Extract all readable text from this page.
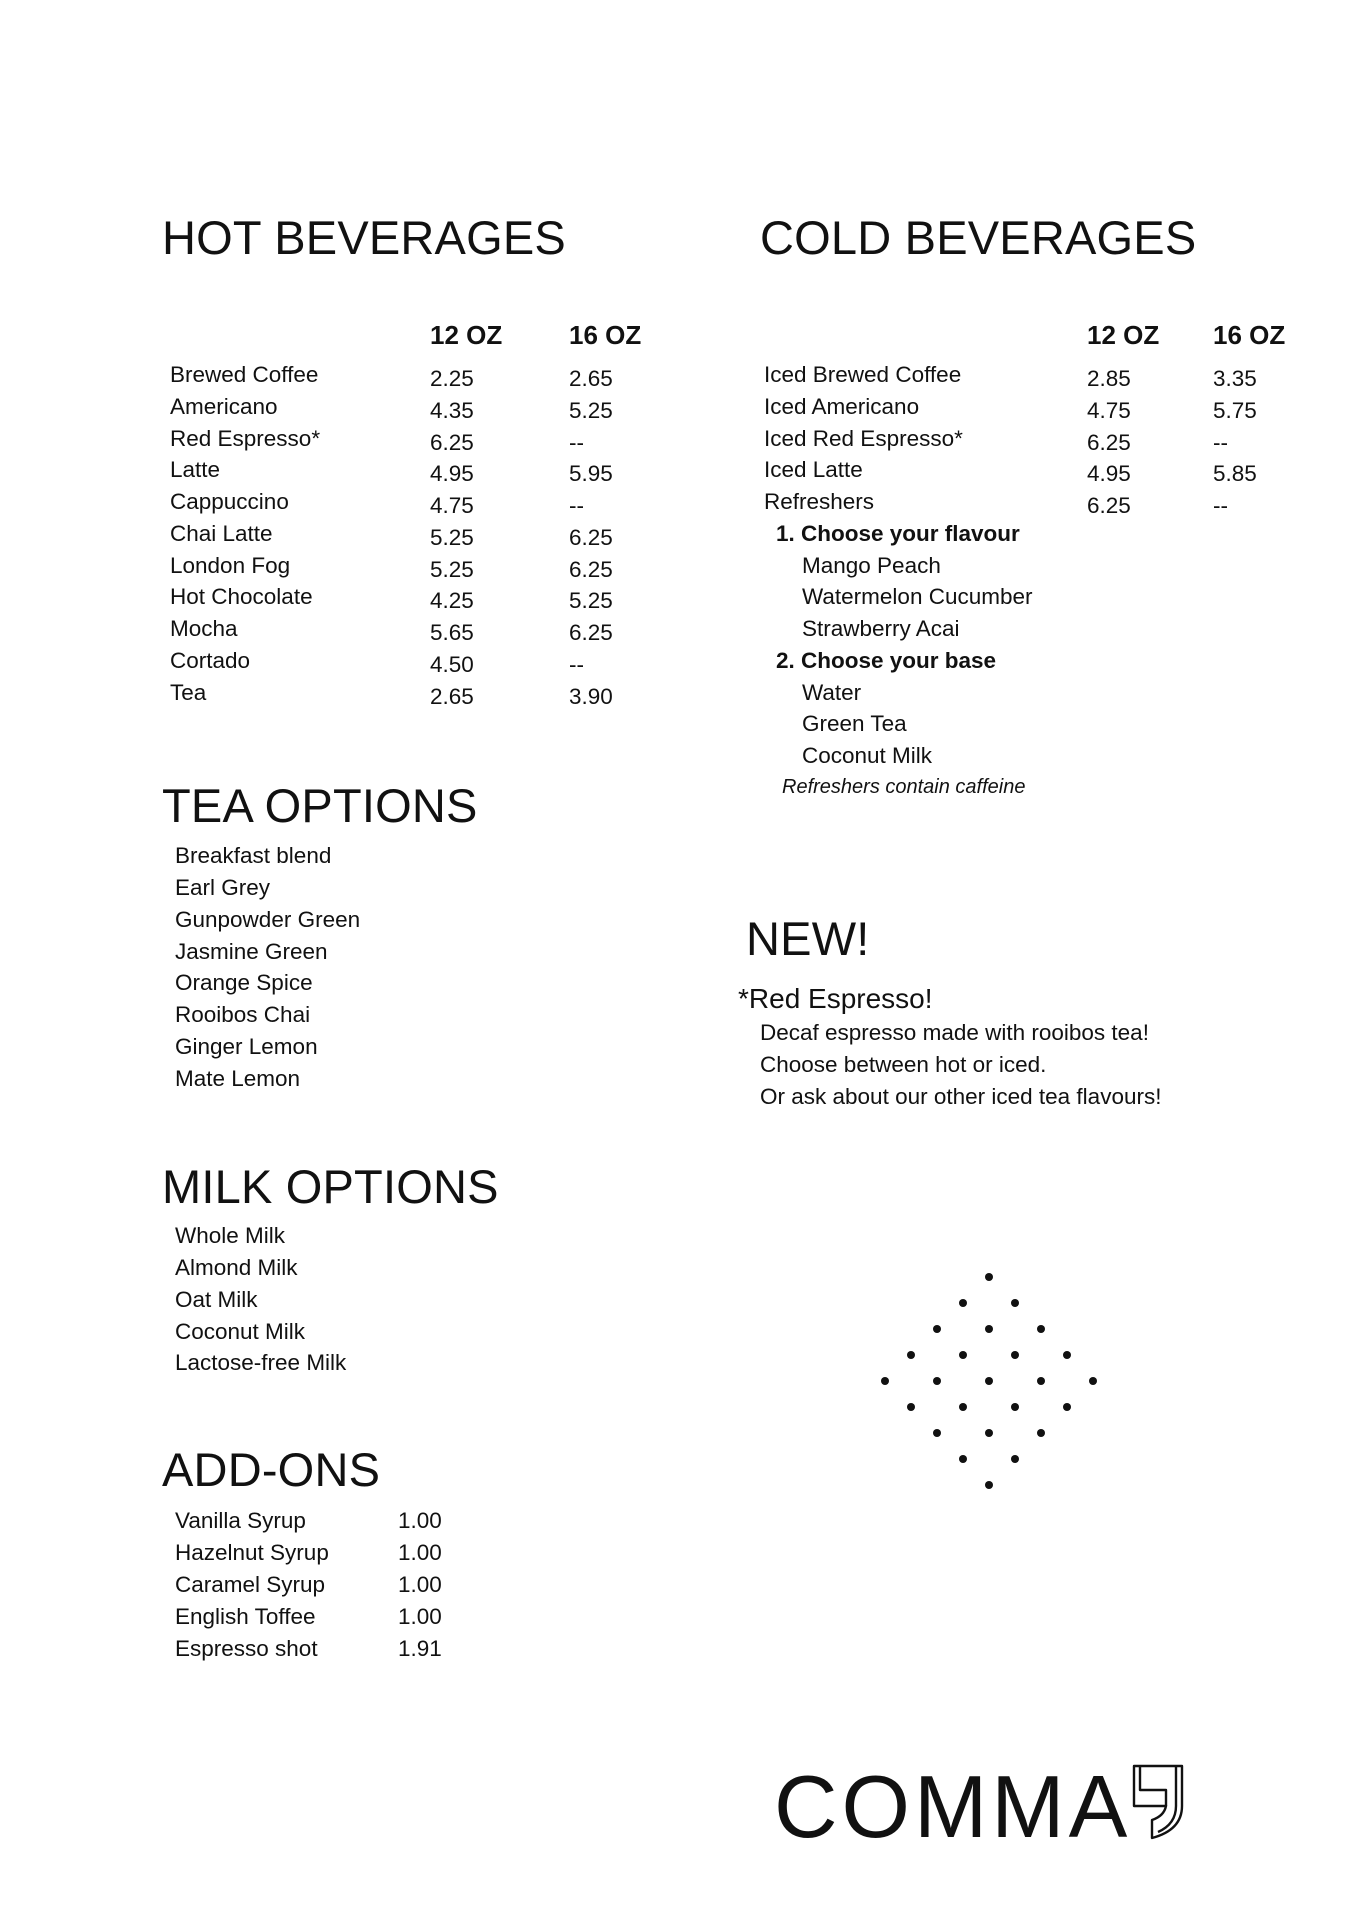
HOT BEVERAGES
12 OZ	16 OZ
Brewed Coffee	2.25	2.65
Americano	4.35	5.25
Red Espresso*	6.25	--
Latte	4.95	5.95
Cappuccino	4.75	--
Chai Latte	5.25	6.25
London Fog	5.25	6.25
Hot Chocolate	4.25	5.25
Mocha	5.65	6.25
Cortado	4.50	--
Tea	2.65	3.90
COLD BEVERAGES
12 OZ 16 OZ
Iced Brewed Coffee	2.85	3.35
Iced Americano	4.75	5.75
Iced Red Espresso*	6.25	--
Iced Latte	4.95	5.85
Refreshers	6.25	--
1. Choose your flavour
Mango Peach
Watermelon Cucumber
Strawberry Acai
2. Choose your base
Water
Green Tea
Coconut Milk
Refreshers contain caffeine
TEA OPTIONS
Breakfast blend
Earl Grey
Gunpowder Green
Jasmine Green
Orange Spice
Rooibos Chai
Ginger Lemon
Mate Lemon
NEW!
*Red Espresso!
Decaf espresso made with rooibos tea!
Choose between hot or iced.
Or ask about our other iced tea flavours!
MILK OPTIONS
Whole Milk
Almond Milk
Oat Milk
Coconut Milk
Lactose-free Milk
ADD-ONS
Vanilla Syrup	1.00
Hazelnut Syrup	1.00
Caramel Syrup	1.00
English Toffee	1.00
Espresso shot	1.91
COMMA
